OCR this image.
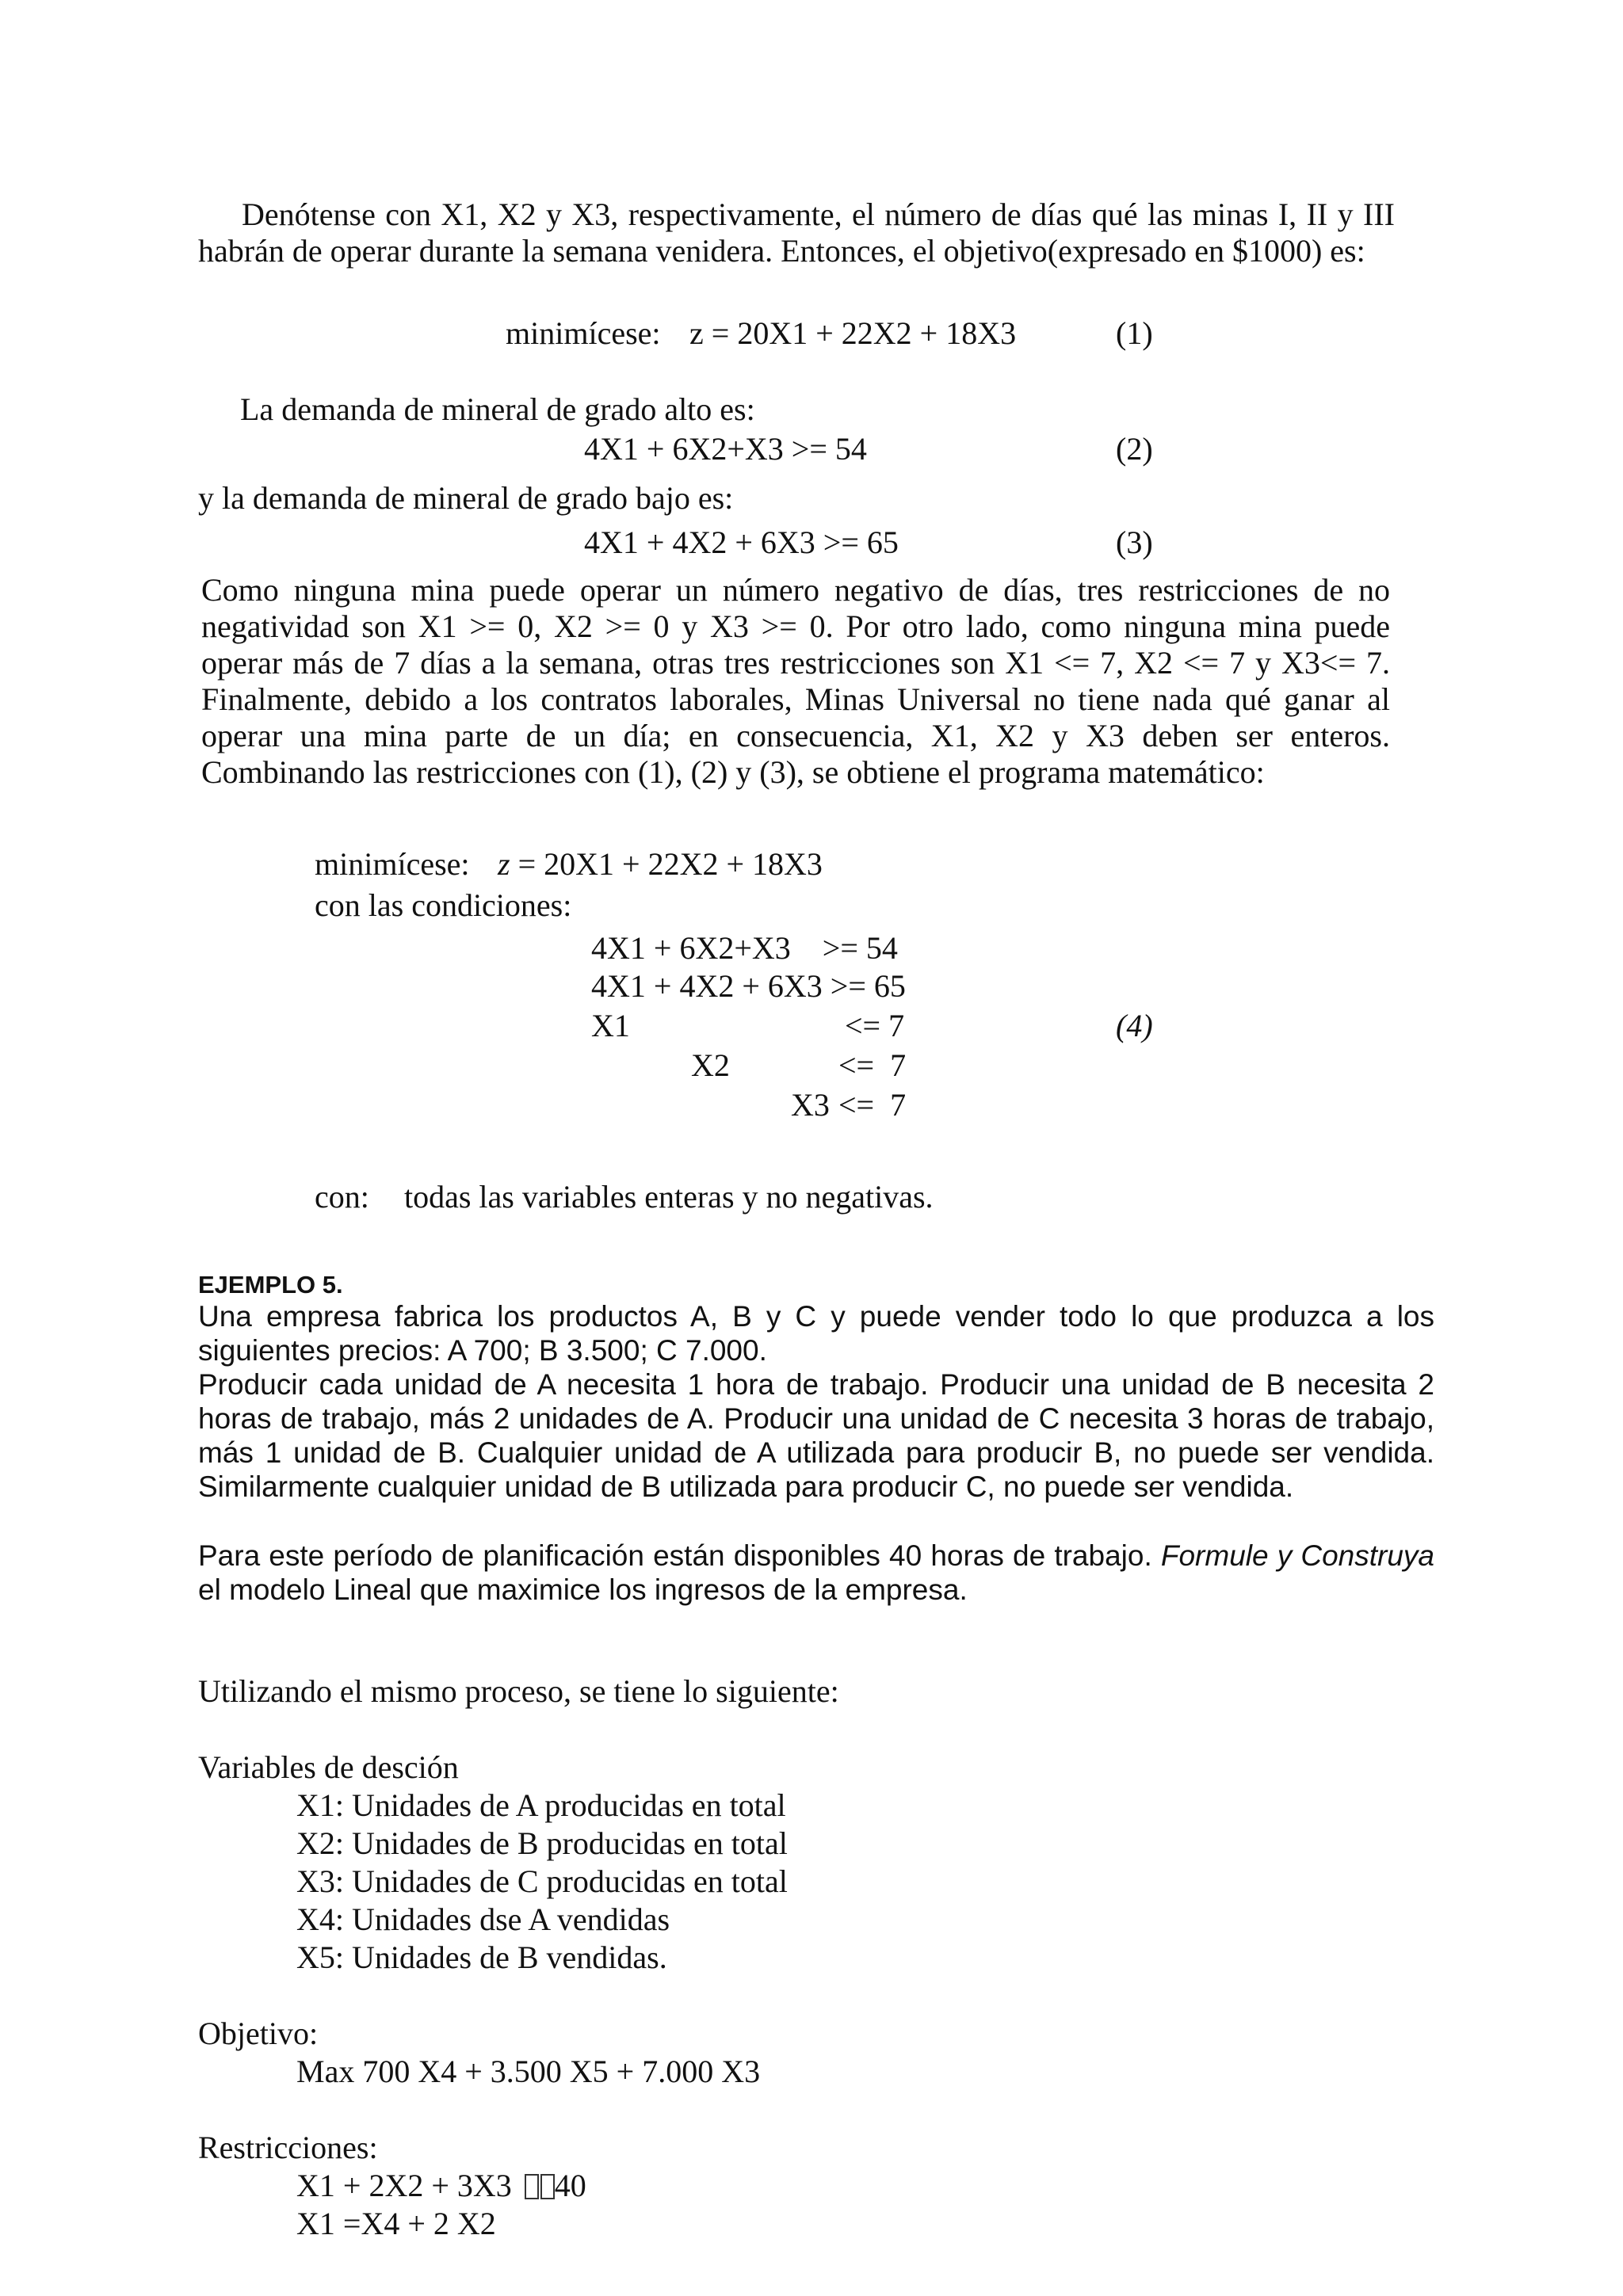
Denótense con X1, X2 y X3, respectivamente, el número de días qué las minas I, II y III habrán de operar durante la semana venidera. Entonces, el objetivo(expresado en $1000) es:

minimícese: z = 20X1 + 22X2 + 18X3	(1)
La demanda de mineral de grado alto es:
4X1 + 6X2+X3 >= 54	(2)
y la demanda de mineral de grado bajo es:
4X1 + 4X2 + 6X3 >= 65	(3)

Como ninguna mina puede operar un número negativo de días, tres restricciones de no negatividad son X1 >= 0, X2 >= 0 y X3 >= 0. Por otro lado, como ninguna mina puede operar más de 7 días a la semana, otras tres restricciones son X1 <= 7, X2 <= 7 y X3<= 7. Finalmente, debido a los contratos laborales, Minas Universal no tiene nada qué ganar al operar una mina parte de un día; en consecuencia, X1, X2 y X3 deben ser enteros. Combinando las restricciones con (1), (2) y (3), se obtiene el programa matemático:

minimícese: z = 20X1 + 22X2 + 18X3
con las condiciones:
4X1 + 6X2+X3    >= 54
4X1 + 4X2 + 6X3 >= 65
X1	<= 7	(4)
X2	<=  7
X3 <=  7
con: todas las variables enteras y no negativas.
EJEMPLO 5.

Una empresa fabrica los productos A, B y C y puede vender todo lo que produzca a los siguientes precios: A 700; B 3.500; C 7.000.

Producir cada unidad de A necesita 1 hora de trabajo. Producir una unidad de B necesita 2 horas de trabajo, más 2 unidades de A. Producir una unidad de C necesita 3 horas de trabajo, más 1 unidad de B. Cualquier unidad de A utilizada para producir B, no puede ser vendida. Similarmente cualquier unidad de B utilizada para producir C, no puede ser vendida.

Para este período de planificación están disponibles 40 horas de trabajo. Formule y Construya el modelo Lineal que maximice los ingresos de la empresa.

Utilizando el mismo proceso, se tiene lo siguiente:
Variables de desción
X1: Unidades de A producidas en total
X2: Unidades de B producidas en total
X3: Unidades de C producidas en total
X4: Unidades dse A vendidas
X5: Unidades de B vendidas.
Objetivo:
Max 700 X4 + 3.500 X5 + 7.000 X3
Restricciones:
X1 + 2X2 + 3X3 40
X1 =X4 + 2 X2
